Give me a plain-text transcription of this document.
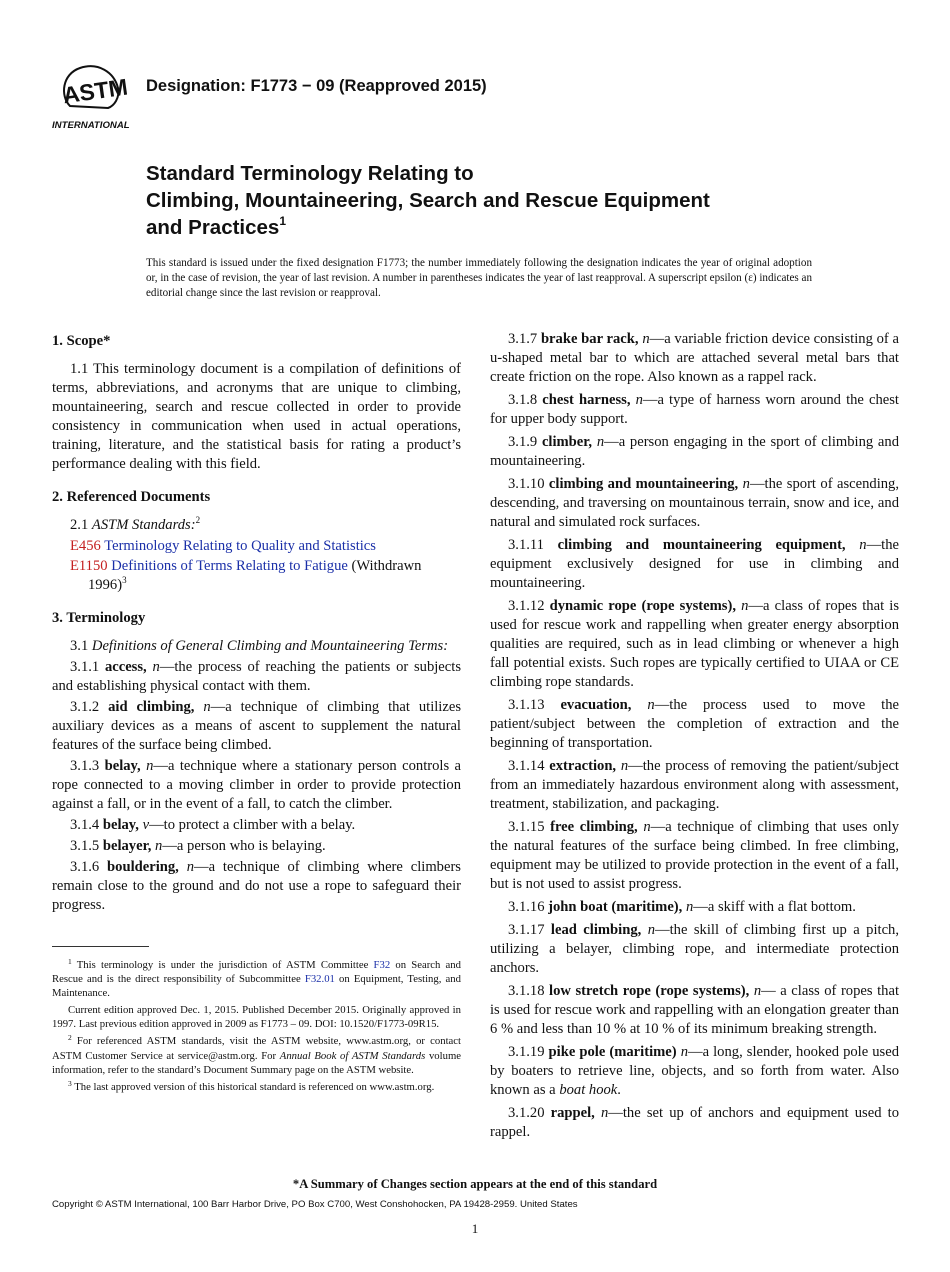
ASTM
INTERNATIONAL
Designation: F1773 − 09 (Reapproved 2015)
Standard Terminology Relating to
Climbing, Mountaineering, Search and Rescue Equipment
and Practices$^1$
This standard is issued under the fixed designation F1773; the number immediately following the designation indicates the year of original adoption or, in the case of revision, the year of last revision. A number in parentheses indicates the year of last reapproval. A superscript epsilon (ε) indicates an editorial change since the last revision or reapproval.
1. Scope*

1.1 This terminology document is a compilation of definitions of terms, abbreviations, and acronyms that are unique to climbing, mountaineering, search and rescue collected in order to provide consistency in communication when used in actual operations, training, literature, and the statistical basis for rating a product’s performance dealing with this field.

2. Referenced Documents

2.1 ASTM Standards:$^2$

E456 Terminology Relating to Quality and Statistics

E1150 Definitions of Terms Relating to Fatigue (Withdrawn 1996)$^3$

3. Terminology

3.1 Definitions of General Climbing and Mountaineering Terms:

3.1.1 access, n—the process of reaching the patients or subjects and establishing physical contact with them.

3.1.2 aid climbing, n—a technique of climbing that utilizes auxiliary devices as a means of ascent to supplement the natural features of the surface being climbed.

3.1.3 belay, n—a technique where a stationary person controls a rope connected to a moving climber in order to provide protection against a fall, or in the event of a fall, to catch the climber.

3.1.4 belay, v—to protect a climber with a belay.

3.1.5 belayer, n—a person who is belaying.

3.1.6 bouldering, n—a technique of climbing where climbers remain close to the ground and do not use a rope to safeguard their progress.

3.1.7 brake bar rack, n—a variable friction device consisting of a u-shaped metal bar to which are attached several metal bars that create friction on the rope. Also known as a rappel rack.

3.1.8 chest harness, n—a type of harness worn around the chest for upper body support.

3.1.9 climber, n—a person engaging in the sport of climbing and mountaineering.

3.1.10 climbing and mountaineering, n—the sport of ascending, descending, and traversing on mountainous terrain, snow and ice, and natural and simulated rock surfaces.

3.1.11 climbing and mountaineering equipment, n—the equipment exclusively designed for use in climbing and mountaineering.

3.1.12 dynamic rope (rope systems), n—a class of ropes that is used for rescue work and rappelling when greater energy absorption qualities are required, such as in lead climbing or whenever a high fall potential exists. Such ropes are typically certified to UIAA or CE climbing rope standards.

3.1.13 evacuation, n—the process used to move the patient/subject between the completion of extraction and the beginning of transportation.

3.1.14 extraction, n—the process of removing the patient/subject from an immediately hazardous environment along with assessment, treatment, stabilization, and packaging.

3.1.15 free climbing, n—a technique of climbing that uses only the natural features of the surface being climbed. In free climbing, equipment may be utilized to provide protection in the event of a fall, but is not used to assist progress.

3.1.16 john boat (maritime), n—a skiff with a flat bottom.

3.1.17 lead climbing, n—the skill of climbing first up a pitch, utilizing a belayer, climbing rope, and intermediate protection anchors.

3.1.18 low stretch rope (rope systems), n— a class of ropes that is used for rescue work and rappelling with an elongation greater than 6 % and less than 10 % at 10 % of its minimum breaking strength.

3.1.19 pike pole (maritime) n—a long, slender, hooked pole used by boaters to retrieve line, objects, and so forth from water. Also known as a boat hook.

3.1.20 rappel, n—the set up of anchors and equipment used to rappel.

$^1$ This terminology is under the jurisdiction of ASTM Committee F32 on Search and Rescue and is the direct responsibility of Subcommittee F32.01 on Equipment, Testing, and Maintenance.

Current edition approved Dec. 1, 2015. Published December 2015. Originally approved in 1997. Last previous edition approved in 2009 as F1773 – 09. DOI: 10.1520/F1773-09R15.

$^2$ For referenced ASTM standards, visit the ASTM website, www.astm.org, or contact ASTM Customer Service at service@astm.org. For Annual Book of ASTM Standards volume information, refer to the standard’s Document Summary page on the ASTM website.

$^3$ The last approved version of this historical standard is referenced on www.astm.org.

*A Summary of Changes section appears at the end of this standard
Copyright © ASTM International, 100 Barr Harbor Drive, PO Box C700, West Conshohocken, PA 19428-2959. United States
1
